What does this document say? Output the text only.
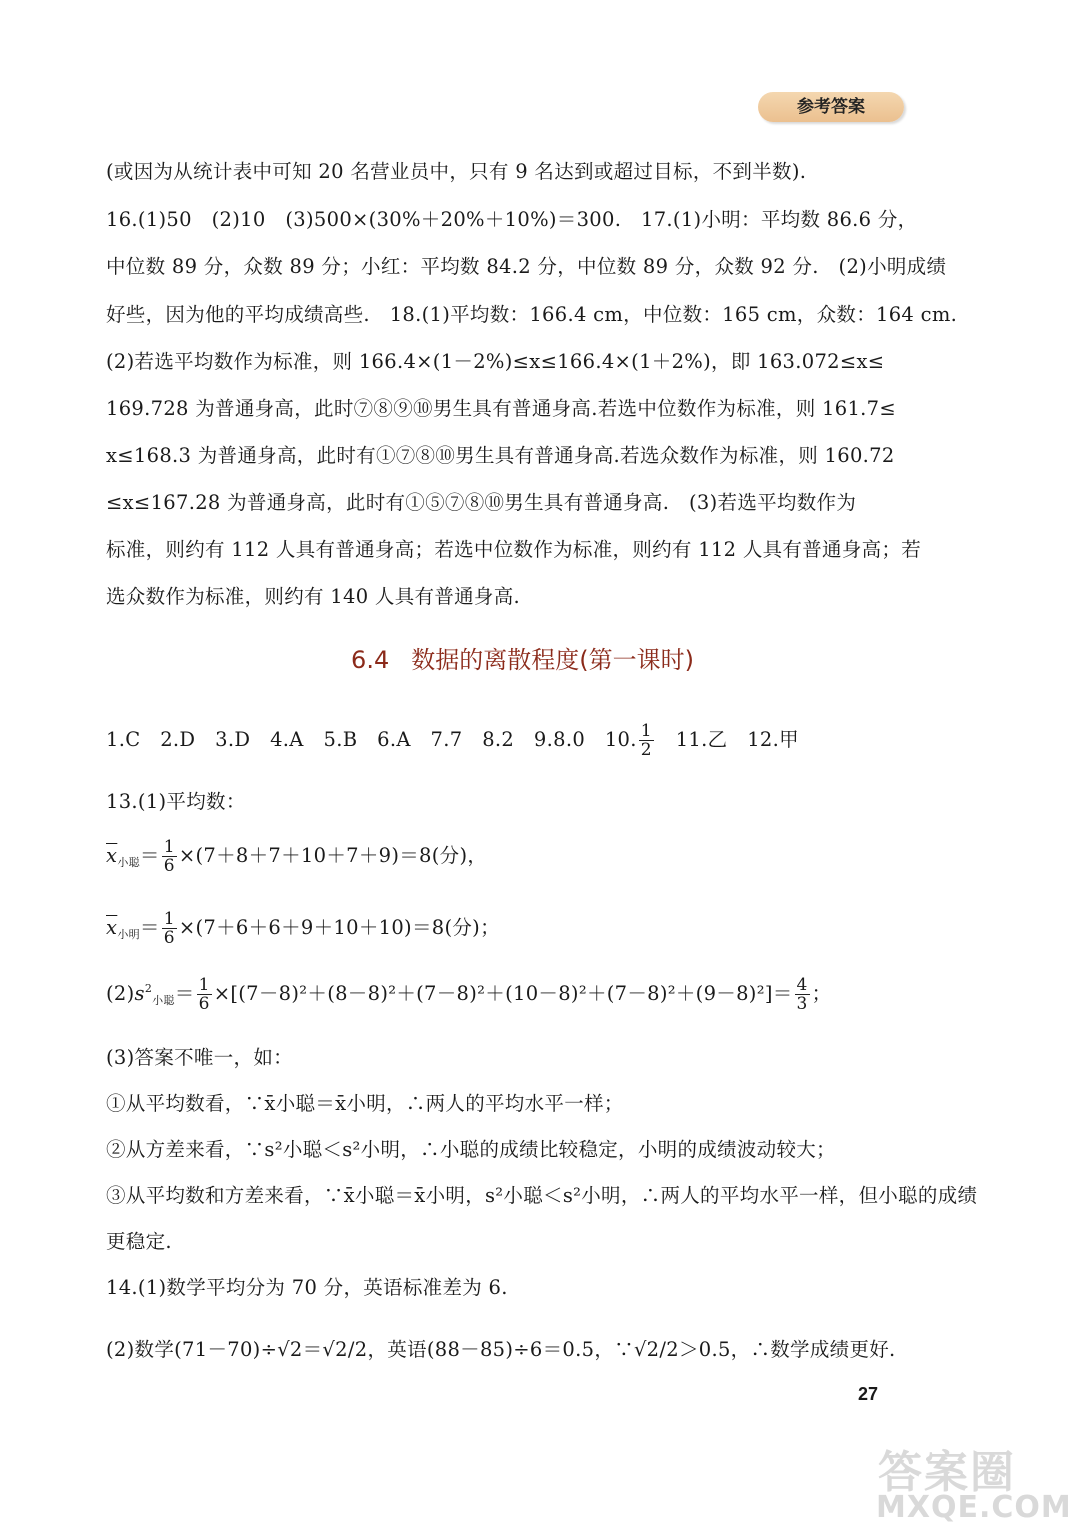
参考答案
(或因为从统计表中可知 20 名营业员中，只有 9 名达到或超过目标，不到半数).
16.(1)50　(2)10　(3)500×(30%＋20%＋10%)＝300.　17.(1)小明：平均数 86.6 分，
中位数 89 分，众数 89 分；小红：平均数 84.2 分，中位数 89 分，众数 92 分.　(2)小明成绩
好些，因为他的平均成绩高些.　18.(1)平均数：166.4 cm，中位数：165 cm，众数：164 cm.
(2)若选平均数作为标准，则 166.4×(1－2%)≤x≤166.4×(1＋2%)，即 163.072≤x≤
169.728 为普通身高，此时⑦⑧⑨⑩男生具有普通身高.若选中位数作为标准，则 161.7≤
x≤168.3 为普通身高，此时有①⑦⑧⑩男生具有普通身高.若选众数作为标准，则 160.72
≤x≤167.28 为普通身高，此时有①⑤⑦⑧⑩男生具有普通身高.　(3)若选平均数作为
标准，则约有 112 人具有普通身高；若选中位数作为标准，则约有 112 人具有普通身高；若
选众数作为标准，则约有 140 人具有普通身高.
6.4 数据的离散程度(第一课时)
1.C　2.D　3.D　4.A　5.B　6.A　7.7　8.2　9.8.0　10. $\frac{1}{2}$ 　11.乙　12.甲
13.(1)平均数：
$\overline{x}_{小聪}= \frac{1}{6} \times(7+8+7+10+7+9)=8$(分)，
$\overline{x}_{小明}= \frac{1}{6} \times(7+6+6+9+10+10)=8$(分)；
$(2)s^2_{小聪}= \frac{1}{6} \times[(7-8)^2+(8-8)^2+(7-8)^2+(10-8)^2+(7-8)^2+(9-8)^2]= \frac{4}{3}$ ；
(3)答案不唯一，如：
①从平均数看，∵x̄小聪＝x̄小明，∴两人的平均水平一样；
②从方差来看，∵s²小聪＜s²小明，∴小聪的成绩比较稳定，小明的成绩波动较大；
③从平均数和方差来看，∵x̄小聪＝x̄小明，s²小聪＜s²小明，∴两人的平均水平一样，但小聪的成绩
更稳定.
14.(1)数学平均分为 70 分，英语标准差为 6.
(2)数学(71－70)÷√2＝√2/2，英语(88－85)÷6＝0.5，∵√2/2＞0.5，∴数学成绩更好.
27
答案圈
MXQE.COM
